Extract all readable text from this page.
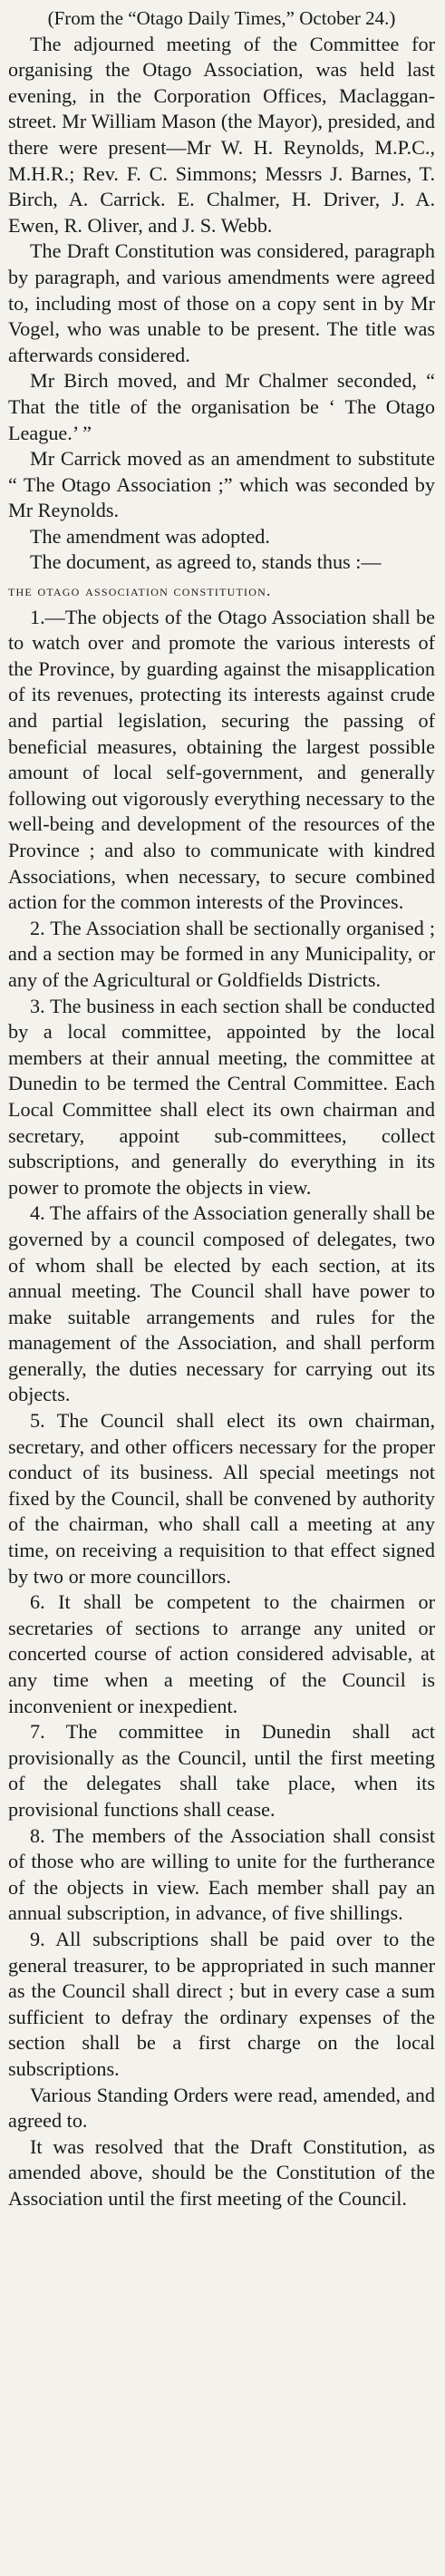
(From the “Otago Daily Times,” October 24.)

The adjourned meeting of the Committee for organising the Otago Association, was held last evening, in the Corporation Offices, Maclaggan-street. Mr William Mason (the Mayor), presided, and there were present—Mr W. H. Reynolds, M.P.C., M.H.R.; Rev. F. C. Simmons; Messrs J. Barnes, T. Birch, A. Carrick. E. Chalmer, H. Driver, J. A. Ewen, R. Oliver, and J. S. Webb.

The Draft Constitution was considered, paragraph by paragraph, and various amendments were agreed to, including most of those on a copy sent in by Mr Vogel, who was unable to be present. The title was afterwards considered.

Mr Birch moved, and Mr Chalmer seconded, “ That the title of the organisation be ‘ The Otago League.’ ”

Mr Carrick moved as an amendment to substitute “ The Otago Association ;” which was seconded by Mr Reynolds.

The amendment was adopted.

The document, as agreed to, stands thus :—

the otago association constitution.

1.—The objects of the Otago Association shall be to watch over and promote the various interests of the Province, by guarding against the misapplication of its revenues, protecting its interests against crude and partial legislation, securing the passing of beneficial measures, obtaining the largest possible amount of local self-government, and generally following out vigorously everything necessary to the well-being and development of the resources of the Province ; and also to communicate with kindred Associations, when necessary, to secure combined action for the common interests of the Provinces.

2. The Association shall be sectionally organised ; and a section may be formed in any Municipality, or any of the Agricultural or Goldfields Districts.

3. The business in each section shall be conducted by a local committee, appointed by the local members at their annual meeting, the committee at Dunedin to be termed the Central Committee. Each Local Committee shall elect its own chairman and secretary, appoint sub-committees, collect subscriptions, and generally do everything in its power to promote the objects in view.

4. The affairs of the Association generally shall be governed by a council composed of delegates, two of whom shall be elected by each section, at its annual meeting. The Council shall have power to make suitable arrangements and rules for the management of the Association, and shall perform generally, the duties necessary for carrying out its objects.

5. The Council shall elect its own chairman, secretary, and other officers necessary for the proper conduct of its business. All special meetings not fixed by the Council, shall be convened by authority of the chairman, who shall call a meeting at any time, on receiving a requisition to that effect signed by two or more councillors.

6. It shall be competent to the chairmen or secretaries of sections to arrange any united or concerted course of action considered advisable, at any time when a meeting of the Council is inconvenient or inexpedient.

7. The committee in Dunedin shall act provisionally as the Council, until the first meeting of the delegates shall take place, when its provisional functions shall cease.

8. The members of the Association shall consist of those who are willing to unite for the furtherance of the objects in view. Each member shall pay an annual subscription, in advance, of five shillings.

9. All subscriptions shall be paid over to the general treasurer, to be appropriated in such manner as the Council shall direct ; but in every case a sum sufficient to defray the ordinary expenses of the section shall be a first charge on the local subscriptions.

Various Standing Orders were read, amended, and agreed to.

It was resolved that the Draft Constitution, as amended above, should be the Constitution of the Association until the first meeting of the Council.
